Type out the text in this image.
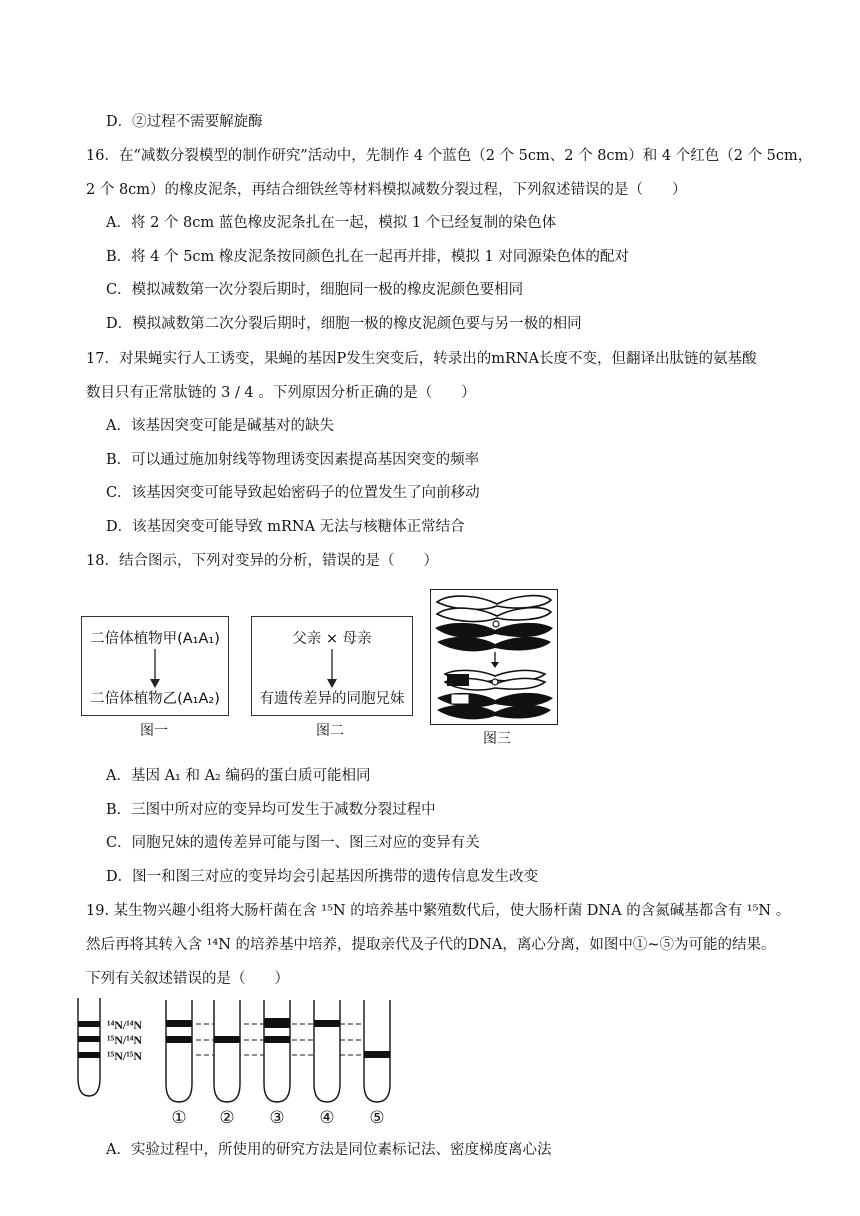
D．②过程不需要解旋酶
16．在“减数分裂模型的制作研究”活动中，先制作 4 个蓝色（2 个 5cm、2 个 8cm）和 4 个红色（2 个 5cm，
2 个 8cm）的橡皮泥条，再结合细铁丝等材料模拟减数分裂过程，下列叙述错误的是（　　）
A．将 2 个 8cm 蓝色橡皮泥条扎在一起，模拟 1 个已经复制的染色体
B．将 4 个 5cm 橡皮泥条按同颜色扎在一起再并排，模拟 1 对同源染色体的配对
C．模拟减数第一次分裂后期时，细胞同一极的橡皮泥颜色要相同
D．模拟减数第二次分裂后期时，细胞一极的橡皮泥颜色要与另一极的相同
17．对果蝇实行人工诱变，果蝇的基因P发生突变后，转录出的mRNA长度不变，但翻译出肽链的氨基酸
数目只有正常肽链的 3 / 4 。下列原因分析正确的是（　　）
A．该基因突变可能是碱基对的缺失
B．可以通过施加射线等物理诱变因素提高基因突变的频率
C．该基因突变可能导致起始密码子的位置发生了向前移动
D．该基因突变可能导致 mRNA 无法与核糖体正常结合
18．结合图示，下列对变异的分析，错误的是（　　）
二倍体植物甲(A₁A₁)
二倍体植物乙(A₁A₂)
图一
父亲 × 母亲
有遗传差异的同胞兄妹
图二	图三
A．基因 A₁ 和 A₂ 编码的蛋白质可能相同
B．三图中所对应的变异均可发生于减数分裂过程中
C．同胞兄妹的遗传差异可能与图一、图三对应的变异有关
D．图一和图三对应的变异均会引起基因所携带的遗传信息发生改变
19. 某生物兴趣小组将大肠杆菌在含 ¹⁵N 的培养基中繁殖数代后，使大肠杆菌 DNA 的含氮碱基都含有 ¹⁵N 。
然后再将其转入含 ¹⁴N 的培养基中培养，提取亲代及子代的DNA，离心分离，如图中①~⑤为可能的结果。
下列有关叙述错误的是（　　）
¹⁴N/¹⁴N
¹⁵N/¹⁴N
¹⁵N/¹⁵N
① ② ③ ④ ⑤
A．实验过程中，所使用的研究方法是同位素标记法、密度梯度离心法
